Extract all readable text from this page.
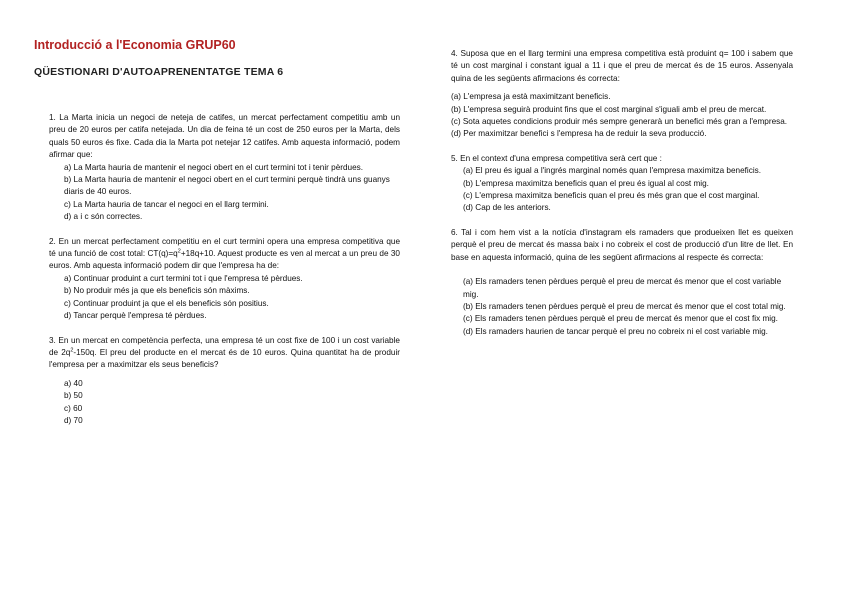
Introducció a l'Economia GRUP60
QÜESTIONARI D'AUTOAPRENENTATGE TEMA 6

1. La Marta inicia un negoci de neteja de catifes, un mercat perfectament competitiu amb un preu de 20 euros per catifa netejada. Un dia de feina té un cost de 250 euros per la Marta, dels quals 50 euros és fixe. Cada dia la Marta pot netejar 12 catifes. Amb aquesta informació, podem afirmar que:

a) La Marta hauria de mantenir el negoci obert en el curt termini tot i tenir pèrdues.
b) La Marta hauria de mantenir el negoci obert en el curt termini perquè tindrà uns guanys diaris de 40 euros.
c) La Marta hauria de tancar el negoci en el llarg termini.
d) a i c són correctes.

2. En un mercat perfectament competitiu en el curt termini opera una empresa competitiva que té una funció de cost total: $CT(q)=q^2+18q+10$. Aquest producte es ven al mercat a un preu de 30 euros. Amb aquesta informació podem dir que l'empresa ha de:

a) Continuar produint a curt termini tot i que l'empresa té pèrdues.
b) No produir més ja que els beneficis són màxims.
c) Continuar produint ja que el els beneficis són positius.
d) Tancar perquè l'empresa té pèrdues.

3. En un mercat en competència perfecta, una empresa té un cost fixe de 100 i un cost variable de $2q^2-150q$. El preu del producte en el mercat és de 10 euros. Quina quantitat ha de produir l'empresa per a maximitzar els seus beneficis?

a) 40
b) 50
c) 60
d) 70

4. Suposa que en el llarg termini una empresa competitiva està produint q= 100 i sabem que té un cost marginal i constant igual a 11 i que el preu de mercat és de 15 euros. Assenyala quina de les següents afirmacions és correcta:

(a) L'empresa ja està maximitzant beneficis.
(b) L'empresa seguirà produint fins que el cost marginal s'iguali amb el preu de mercat.
(c) Sota aquetes condicions produir més sempre generarà un benefici més gran a l'empresa.
(d) Per maximitzar benefici s l'empresa ha de reduir la seva producció.

5. En el context d'una empresa competitiva serà cert que :

(a) El preu és igual a l'ingrés marginal només quan l'empresa maximitza beneficis.
(b) L'empresa maximitza beneficis quan el preu és igual al cost mig.
(c) L'empresa maximitza beneficis quan el preu és més gran que el cost marginal.
(d) Cap de les anteriors.

6. Tal i com hem vist a la notícia d'instagram els ramaders que produeixen llet es queixen perquè el preu de mercat és massa baix i no cobreix el cost de producció d'un litre de llet. En base en aquesta informació, quina de les següent afirmacions al respecte és correcta:

(a) Els ramaders tenen pèrdues perquè el preu de mercat és menor que el cost variable mig.
(b) Els ramaders tenen pèrdues perquè el preu de mercat és menor que el cost total mig.
(c) Els ramaders tenen pèrdues perquè el preu de mercat és menor que el cost fix mig.
(d) Els ramaders haurien de tancar perquè el preu no cobreix ni el cost variable mig.
